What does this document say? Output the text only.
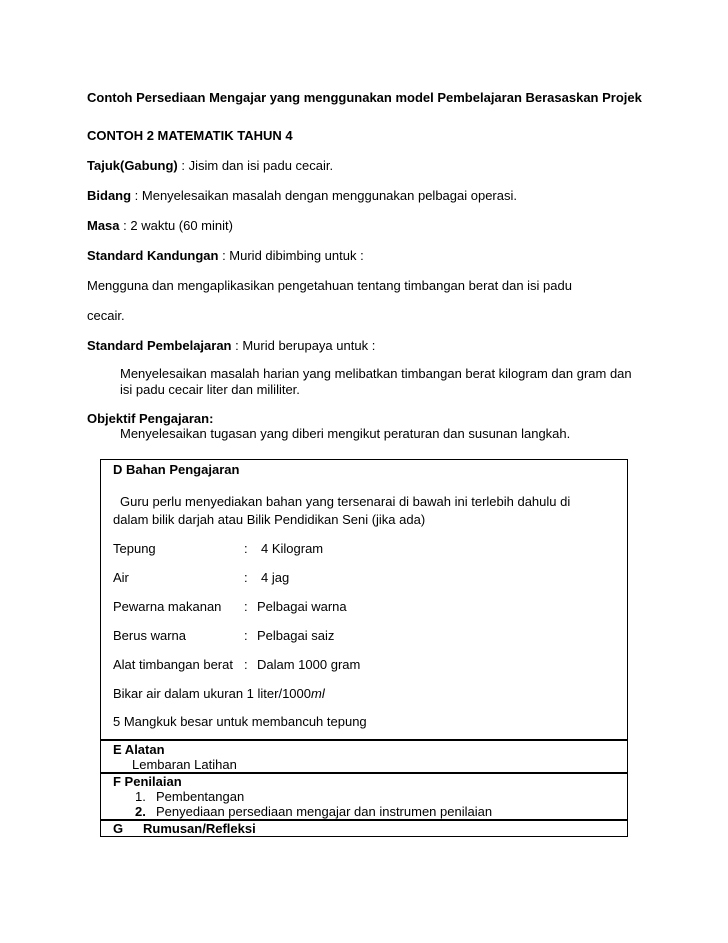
Contoh Persediaan Mengajar yang menggunakan model Pembelajaran Berasaskan Projek
CONTOH 2 MATEMATIK TAHUN 4
Tajuk(Gabung) : Jisim dan isi padu cecair.
Bidang : Menyelesaikan masalah dengan menggunakan pelbagai operasi.
Masa : 2 waktu (60 minit)
Standard Kandungan : Murid dibimbing untuk :
Mengguna dan mengaplikasikan pengetahuan tentang timbangan berat dan isi padu
cecair.
Standard Pembelajaran : Murid berupaya untuk :
Menyelesaikan masalah harian yang melibatkan timbangan berat kilogram dan gram dan
isi padu cecair liter dan mililiter.
Objektif Pengajaran:
Menyelesaikan tugasan yang diberi mengikut peraturan dan susunan langkah.
D Bahan Pengajaran
Guru perlu menyediakan bahan yang tersenarai di bawah ini terlebih dahulu di
dalam bilik darjah atau Bilik Pendidikan Seni (jika ada)
Tepung	: 4 Kilogram
Air	: 4 jag
Pewarna makanan : Pelbagai warna
Berus warna	: Pelbagai saiz
Alat timbangan berat : Dalam 1000 gram
Bikar air dalam ukuran 1 liter/1000ml
5 Mangkuk besar untuk membancuh tepung
E Alatan
Lembaran Latihan
F Penilaian
1. Pembentangan
2. Penyediaan persediaan mengajar dan instrumen penilaian
G Rumusan/Refleksi
